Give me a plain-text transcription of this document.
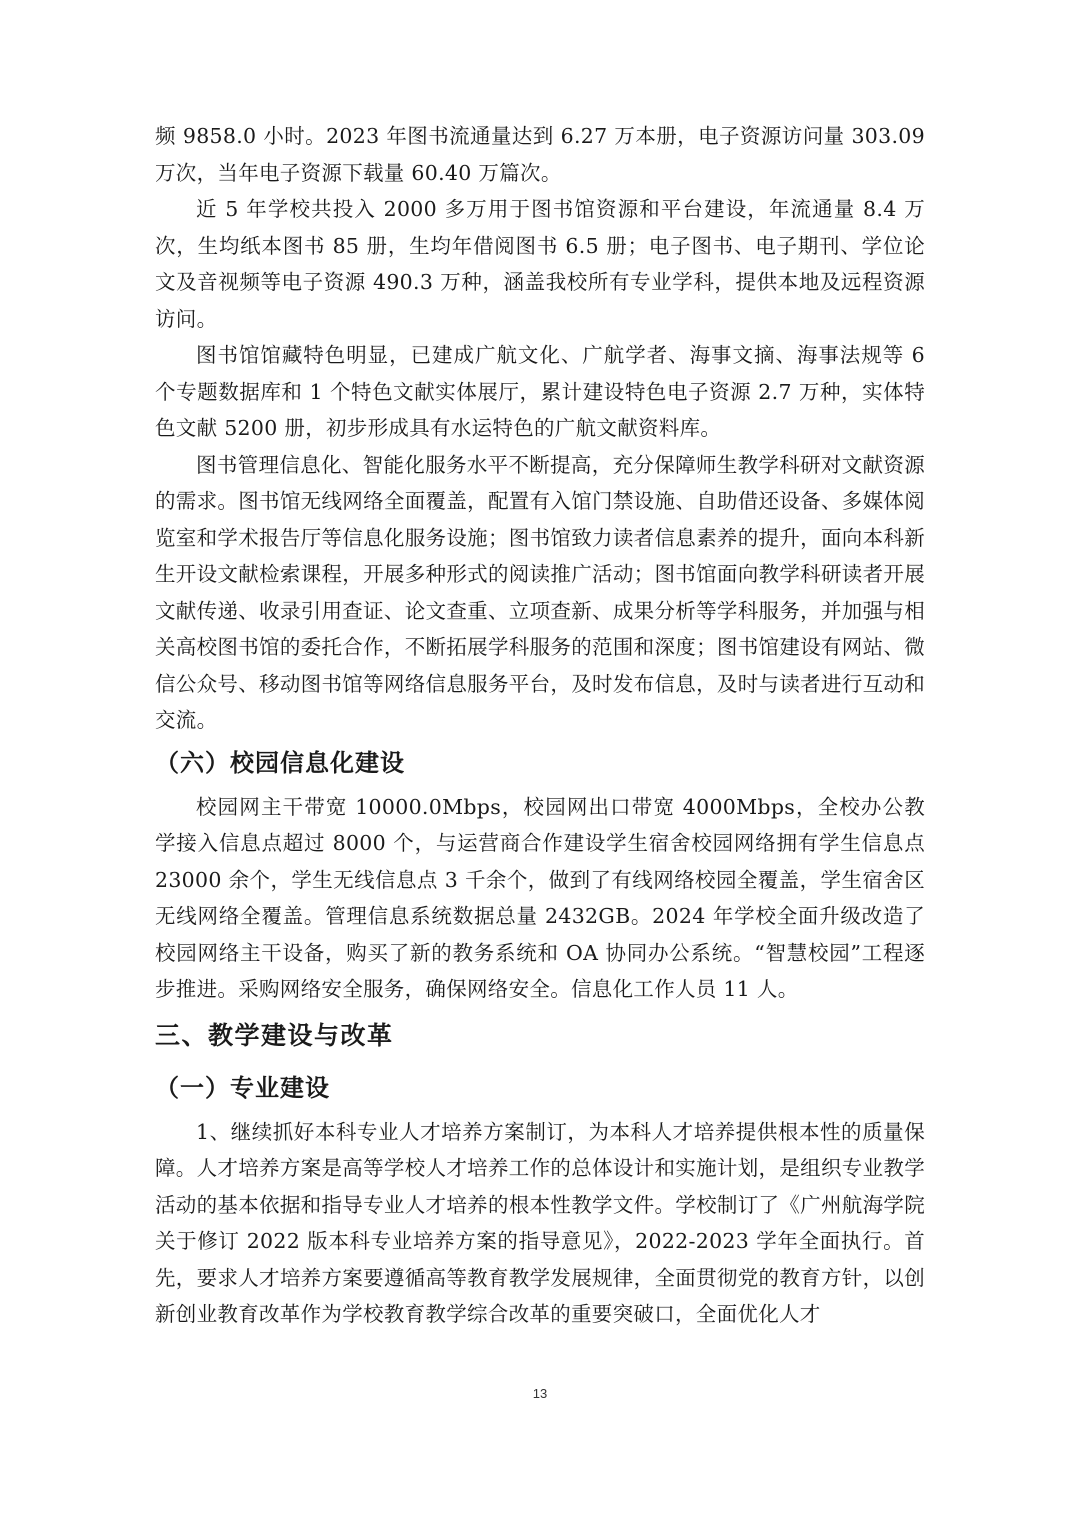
频 9858.0 小时。2023 年图书流通量达到 6.27 万本册，电子资源访问量 303.09 万次，当年电子资源下载量 60.40 万篇次。

近 5 年学校共投入 2000 多万用于图书馆资源和平台建设，年流通量 8.4 万次，生均纸本图书 85 册，生均年借阅图书 6.5 册；电子图书、电子期刊、学位论文及音视频等电子资源 490.3 万种，涵盖我校所有专业学科，提供本地及远程资源访问。

图书馆馆藏特色明显，已建成广航文化、广航学者、海事文摘、海事法规等 6 个专题数据库和 1 个特色文献实体展厅，累计建设特色电子资源 2.7 万种，实体特色文献 5200 册，初步形成具有水运特色的广航文献资料库。

图书管理信息化、智能化服务水平不断提高，充分保障师生教学科研对文献资源的需求。图书馆无线网络全面覆盖，配置有入馆门禁设施、自助借还设备、多媒体阅览室和学术报告厅等信息化服务设施；图书馆致力读者信息素养的提升，面向本科新生开设文献检索课程，开展多种形式的阅读推广活动；图书馆面向教学科研读者开展文献传递、收录引用查证、论文查重、立项查新、成果分析等学科服务，并加强与相关高校图书馆的委托合作，不断拓展学科服务的范围和深度；图书馆建设有网站、微信公众号、移动图书馆等网络信息服务平台，及时发布信息，及时与读者进行互动和交流。

（六）校园信息化建设

校园网主干带宽 10000.0Mbps，校园网出口带宽 4000Mbps，全校办公教学接入信息点超过 8000 个，与运营商合作建设学生宿舍校园网络拥有学生信息点 23000 余个，学生无线信息点 3 千余个，做到了有线网络校园全覆盖，学生宿舍区无线网络全覆盖。管理信息系统数据总量 2432GB。2024 年学校全面升级改造了校园网络主干设备，购买了新的教务系统和 OA 协同办公系统。“智慧校园”工程逐步推进。采购网络安全服务，确保网络安全。信息化工作人员 11 人。

三、教学建设与改革
（一）专业建设

1、继续抓好本科专业人才培养方案制订，为本科人才培养提供根本性的质量保障。人才培养方案是高等学校人才培养工作的总体设计和实施计划，是组织专业教学活动的基本依据和指导专业人才培养的根本性教学文件。学校制订了《广州航海学院关于修订 2022 版本科专业培养方案的指导意见》，2022-2023 学年全面执行。首先，要求人才培养方案要遵循高等教育教学发展规律，全面贯彻党的教育方针，以创新创业教育改革作为学校教育教学综合改革的重要突破口，全面优化人才

13
